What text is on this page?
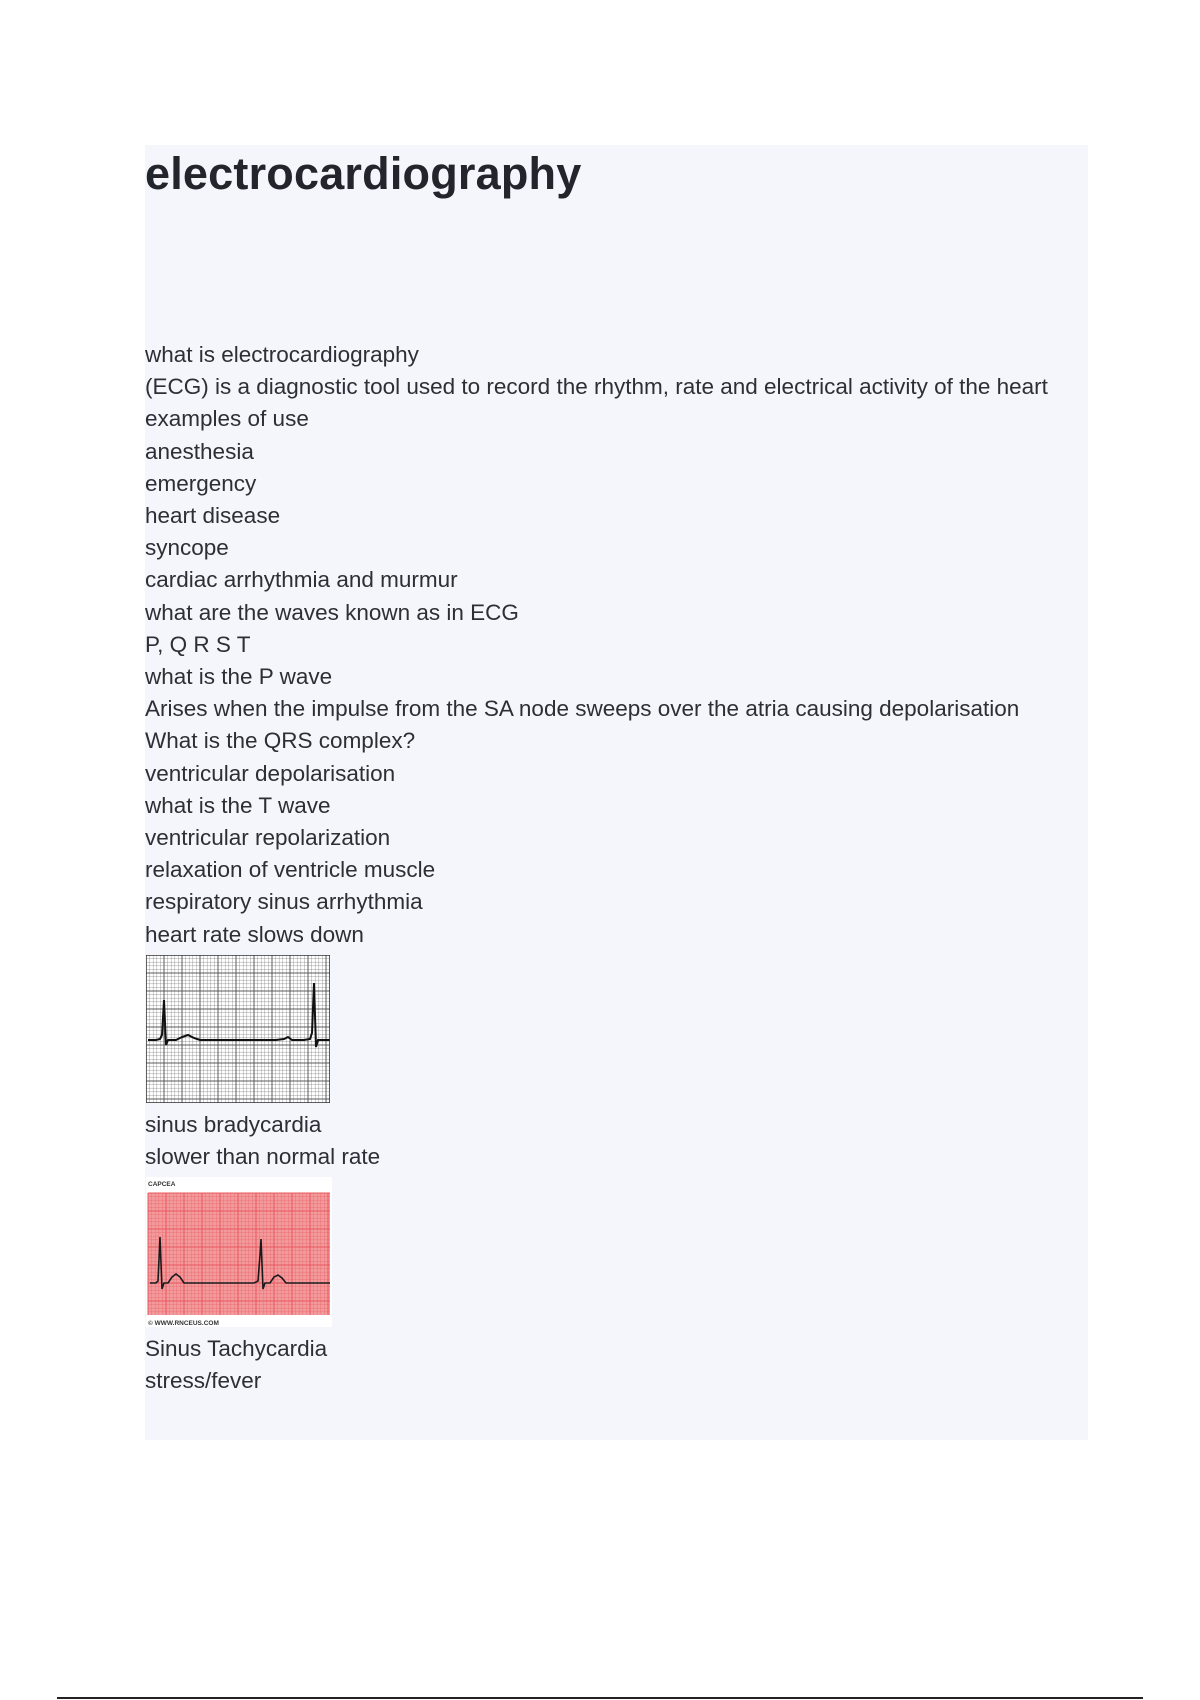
electrocardiography
what is electrocardiography
(ECG) is a diagnostic tool used to record the rhythm, rate and electrical activity of the heart
examples of use
anesthesia
emergency
heart disease
syncope
cardiac arrhythmia and murmur
what are the waves known as in ECG
P, Q R S T
what is the P wave
Arises when the impulse from the SA node sweeps over the atria causing depolarisation
What is the QRS complex?
ventricular depolarisation
what is the T wave
ventricular repolarization
relaxation of ventricle muscle
respiratory sinus arrhythmia
heart rate slows down
sinus bradycardia
slower than normal rate
CAPCEA
© WWW.RNCEUS.COM
Sinus Tachycardia
stress/fever
